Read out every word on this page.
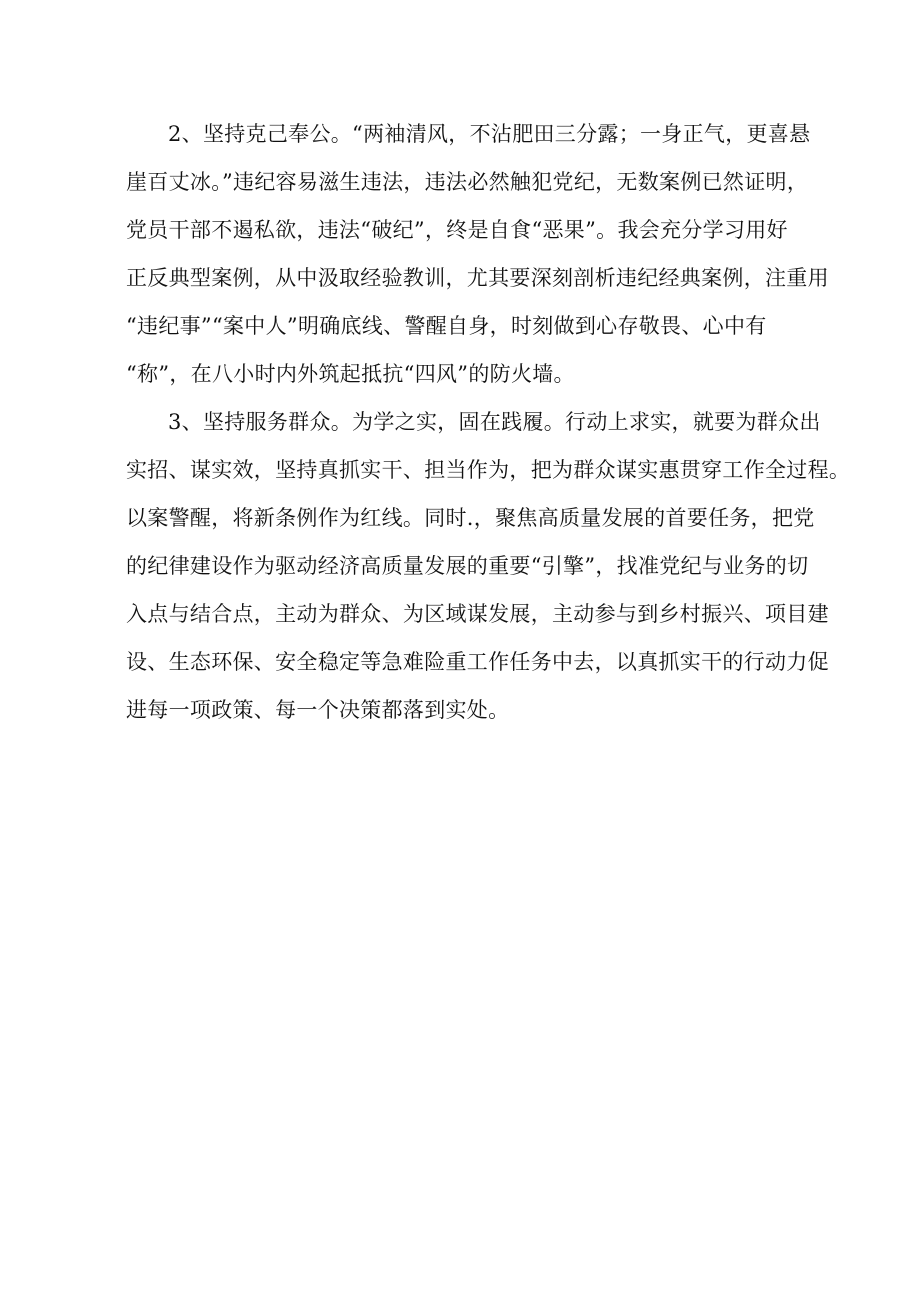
2、坚持克己奉公。“两袖清风，不沾肥田三分露；一身正气，更喜悬
崖百丈冰。”违纪容易滋生违法，违法必然触犯党纪，无数案例已然证明，
党员干部不遏私欲，违法“破纪”，终是自食“恶果”。我会充分学习用好
正反典型案例，从中汲取经验教训，尤其要深刻剖析违纪经典案例，注重用
“违纪事”“案中人”明确底线、警醒自身，时刻做到心存敬畏、心中有
“称”，在八小时内外筑起抵抗“四风”的防火墙。

3、坚持服务群众。为学之实，固在践履。行动上求实，就要为群众出
实招、谋实效，坚持真抓实干、担当作为，把为群众谋实惠贯穿工作全过程。
以案警醒，将新条例作为红线。同时.，聚焦高质量发展的首要任务，把党
的纪律建设作为驱动经济高质量发展的重要“引擎”，找准党纪与业务的切
入点与结合点，主动为群众、为区域谋发展，主动参与到乡村振兴、项目建
设、生态环保、安全稳定等急难险重工作任务中去，以真抓实干的行动力促
进每一项政策、每一个决策都落到实处。
